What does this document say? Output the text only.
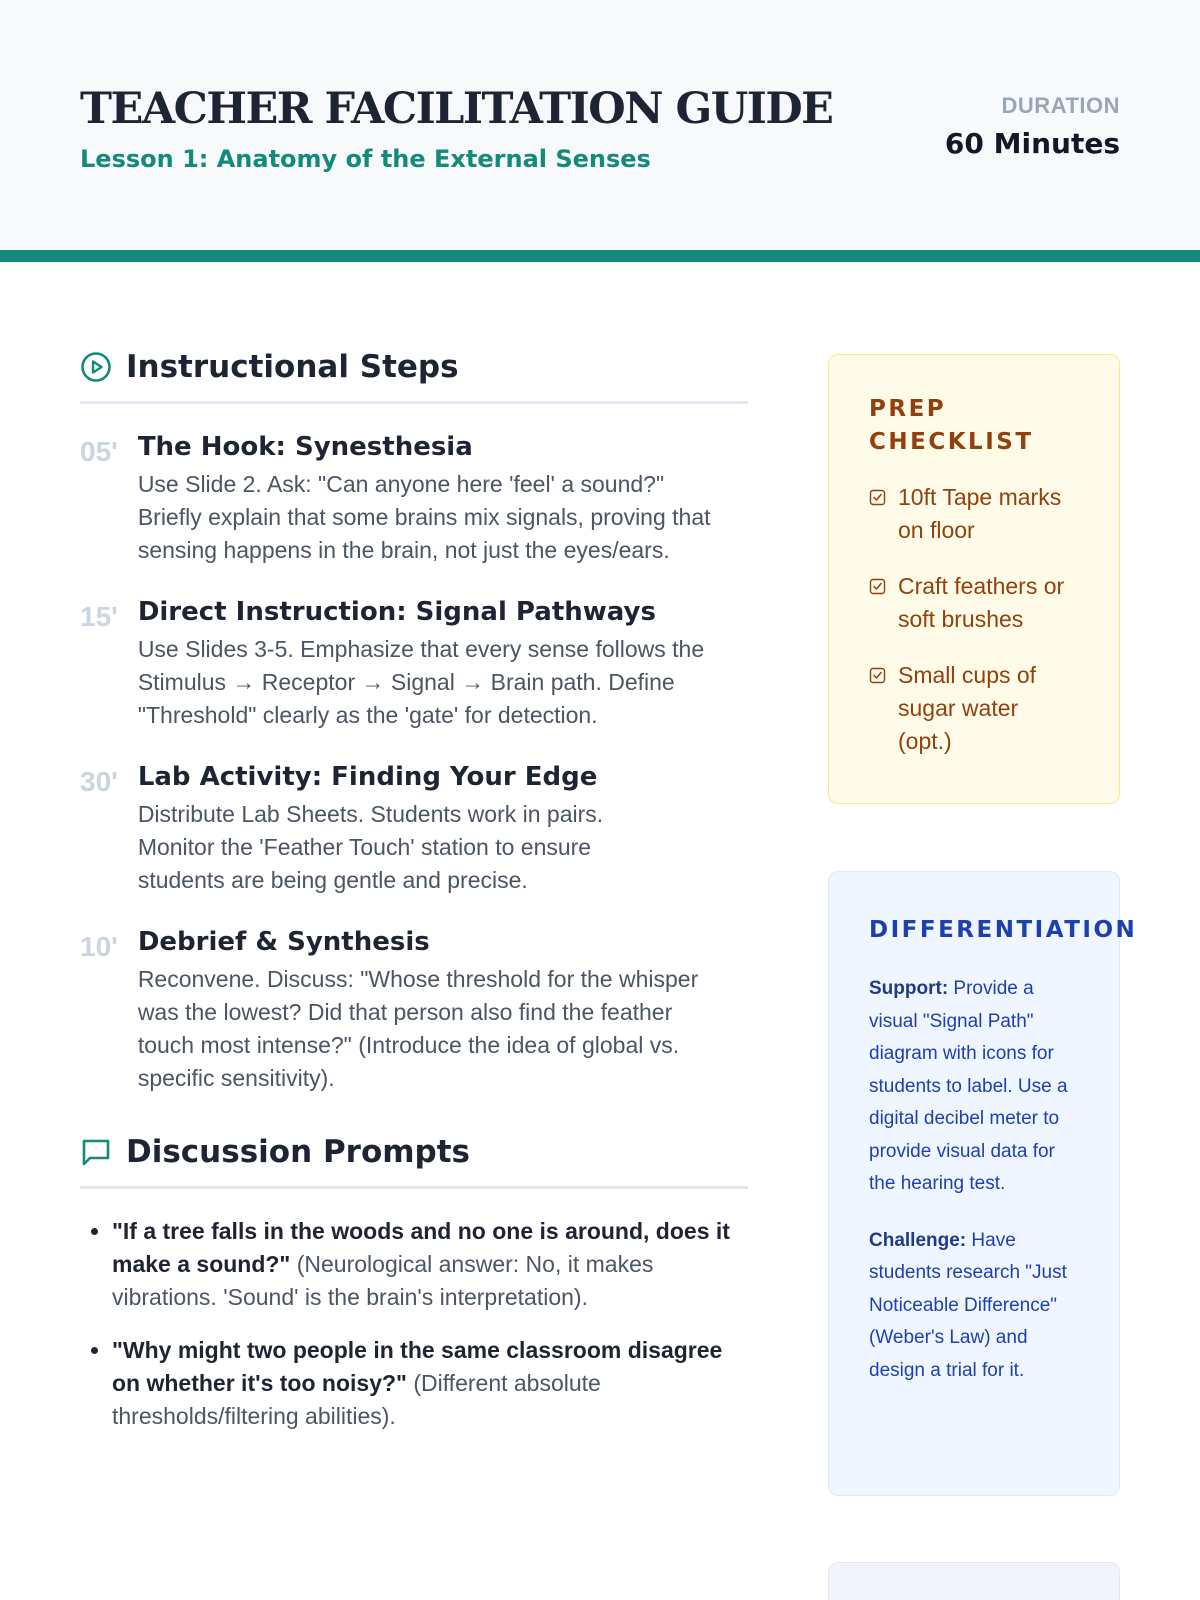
TEACHER FACILITATION GUIDE
Lesson 1: Anatomy of the External Senses
DURATION
60 Minutes
Instructional Steps
05' The Hook: Synesthesia
Use Slide 2. Ask: "Can anyone here 'feel' a sound?" Briefly explain that some brains mix signals, proving that sensing happens in the brain, not just the eyes/ears.
15' Direct Instruction: Signal Pathways
Use Slides 3-5. Emphasize that every sense follows the Stimulus → Receptor → Signal → Brain path. Define "Threshold" clearly as the 'gate' for detection.
30' Lab Activity: Finding Your Edge
Distribute Lab Sheets. Students work in pairs. Monitor the 'Feather Touch' station to ensure students are being gentle and precise.
10' Debrief & Synthesis
Reconvene. Discuss: "Whose threshold for the whisper was the lowest? Did that person also find the feather touch most intense?" (Introduce the idea of global vs. specific sensitivity).
Discussion Prompts
• "If a tree falls in the woods and no one is around, does it make a sound?" (Neurological answer: No, it makes vibrations. 'Sound' is the brain's interpretation).
• "Why might two people in the same classroom disagree on whether it's too noisy?" (Different absolute thresholds/filtering abilities).
PREP CHECKLIST
10ft Tape marks on floor
Craft feathers or soft brushes
Small cups of sugar water (opt.)
DIFFERENTIATION

Support: Provide a visual "Signal Path" diagram with icons for students to label. Use a digital decibel meter to provide visual data for the hearing test.

Challenge: Have students research "Just Noticeable Difference" (Weber's Law) and design a trial for it.
